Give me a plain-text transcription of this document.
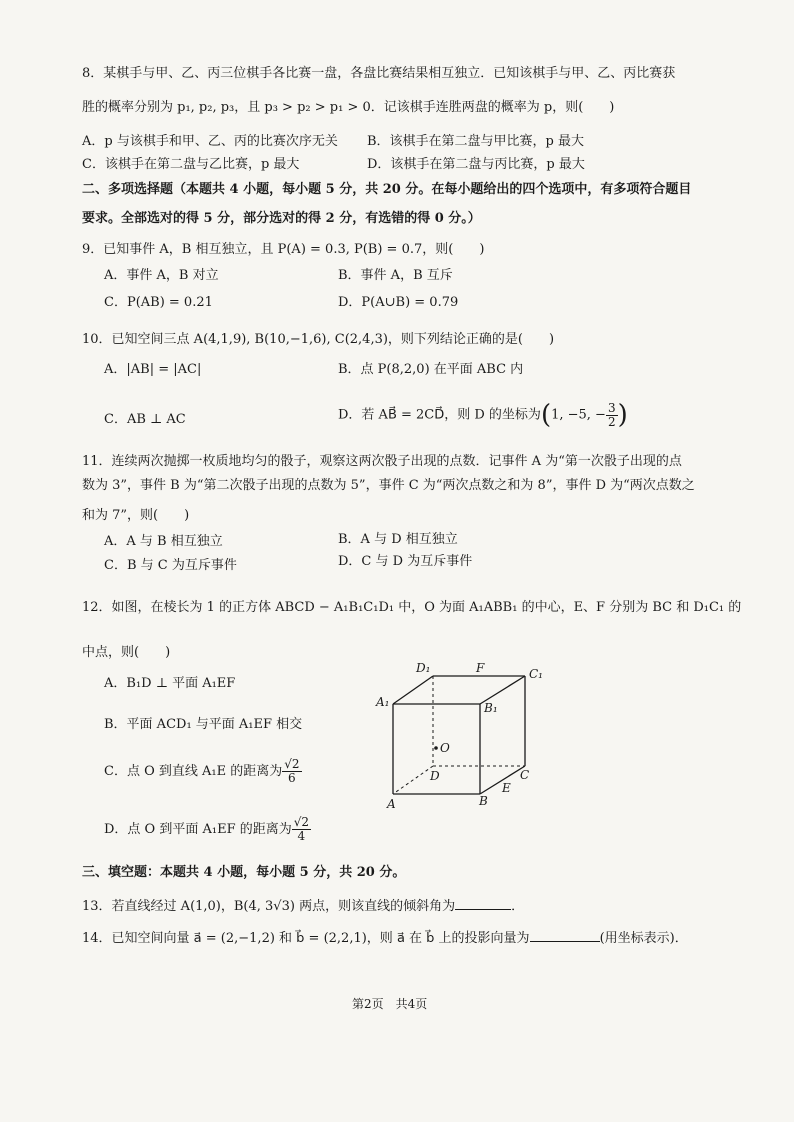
8．某棋手与甲、乙、丙三位棋手各比赛一盘，各盘比赛结果相互独立．已知该棋手与甲、乙、丙比赛获
胜的概率分别为 p₁, p₂, p₃，且 p₃ > p₂ > p₁ > 0．记该棋手连胜两盘的概率为 p，则(　　)
A．p 与该棋手和甲、乙、丙的比赛次序无关 B．该棋手在第二盘与甲比赛，p 最大
C．该棋手在第二盘与乙比赛，p 最大	D．该棋手在第二盘与丙比赛，p 最大
二、多项选择题（本题共 4 小题，每小题 5 分，共 20 分。在每小题给出的四个选项中，有多项符合题目
要求。全部选对的得 5 分，部分选对的得 2 分，有选错的得 0 分。）
9．已知事件 A，B 相互独立，且 P(A) = 0.3, P(B) = 0.7，则(　　)
A．事件 A，B 对立	B．事件 A，B 互斥
C．P(AB) = 0.21	D．P(A∪B) = 0.79
10．已知空间三点 A(4,1,9), B(10,−1,6), C(2,4,3)，则下列结论正确的是(　　)
A．|AB| = |AC|	B．点 P(8,2,0) 在平面 ABC 内
C．AB ⊥ AC	D．若 AB⃗ = 2CD⃗，则 D 的坐标为(1, −5, − $\frac{3}{2}$ )
11．连续两次抛掷一枚质地均匀的骰子，观察这两次骰子出现的点数．记事件 A 为“第一次骰子出现的点
数为 3”，事件 B 为“第二次骰子出现的点数为 5”，事件 C 为“两次点数之和为 8”，事件 D 为“两次点数之
和为 7”，则(　　)
A．A 与 B 相互独立	B．A 与 D 相互独立
C．B 与 C 为互斥事件	D．C 与 D 为互斥事件
12．如图，在棱长为 1 的正方体 ABCD − A₁B₁C₁D₁ 中，O 为面 A₁ABB₁ 的中心，E、F 分别为 BC 和 D₁C₁ 的
中点，则(　　)
A．B₁D ⊥ 平面 A₁EF
B．平面 ACD₁ 与平面 A₁EF 相交
C．点 O 到直线 A₁E 的距离为 $\frac{√2}{6}$
D．点 O 到平面 A₁EF 的距离为 $\frac{√2}{4}$
D₁	F	C₁
A₁	B₁
O
D	C
A	B
E
三、填空题：本题共 4 小题，每小题 5 分，共 20 分。
13．若直线经过 A(1,0)，B(4, 3√3) 两点，则该直线的倾斜角为	．
14．已知空间向量 a⃗ = (2,−1,2) 和 b⃗ = (2,2,1)，则 a⃗ 在 b⃗ 上的投影向量为	(用坐标表示)．
第2页　共4页
